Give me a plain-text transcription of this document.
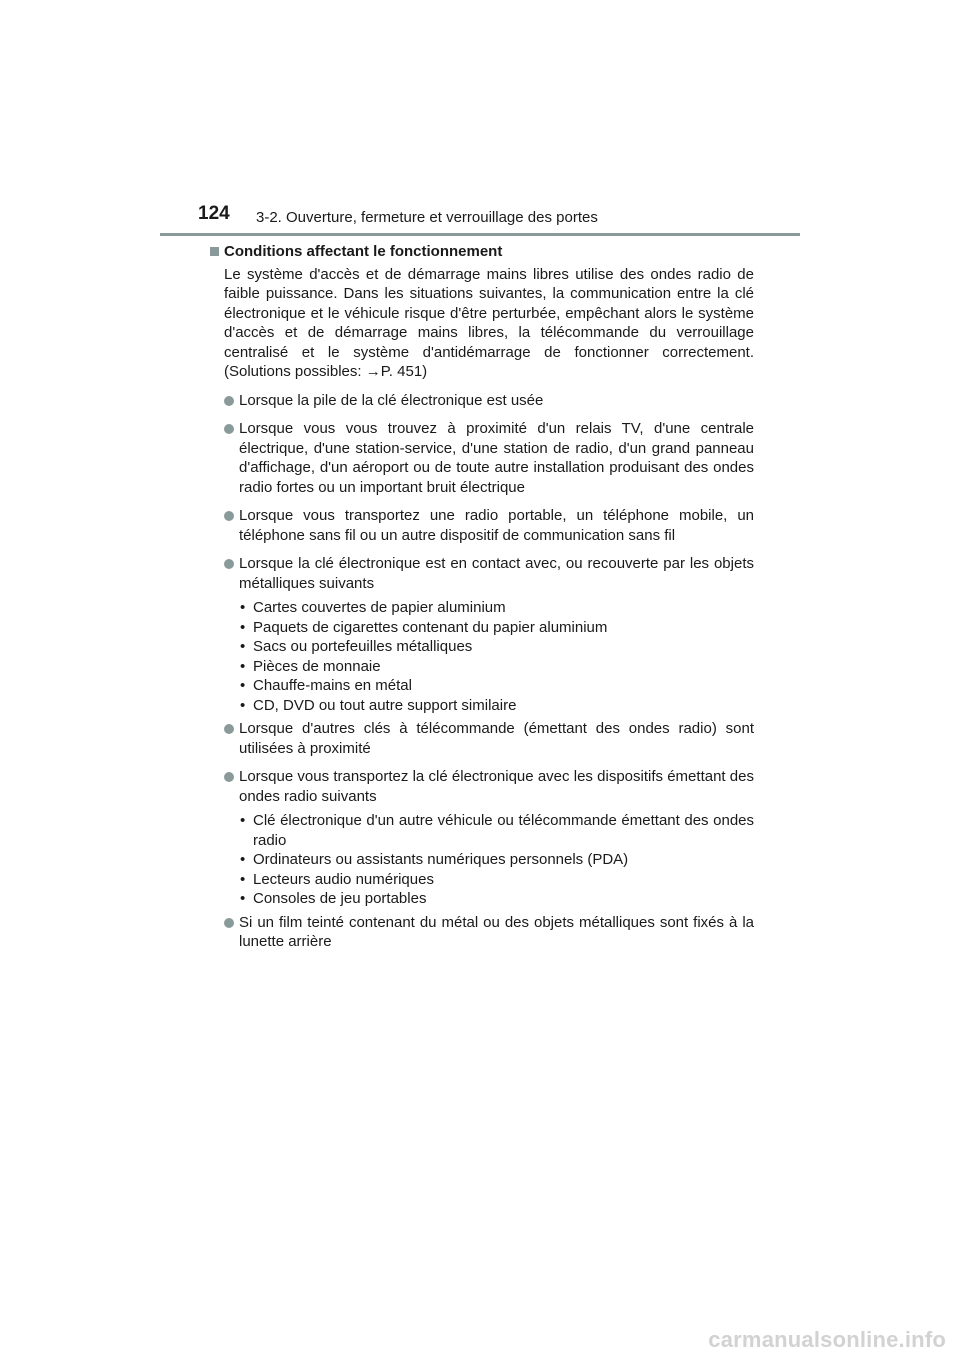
124 3-2. Ouverture, fermeture et verrouillage des portes
Conditions affectant le fonctionnement

Le système d'accès et de démarrage mains libres utilise des ondes radio de faible puissance. Dans les situations suivantes, la communication entre la clé électronique et le véhicule risque d'être perturbée, empêchant alors le système d'accès et de démarrage mains libres, la télécommande du verrouillage centralisé et le système d'antidémarrage de fonctionner correctement. (Solutions possibles: →P. 451)

Lorsque la pile de la clé électronique est usée
Lorsque vous vous trouvez à proximité d'un relais TV, d'une centrale électrique, d'une station-service, d'une station de radio, d'un grand panneau d'affichage, d'un aéroport ou de toute autre installation produisant des ondes radio fortes ou un important bruit électrique
Lorsque vous transportez une radio portable, un téléphone mobile, un téléphone sans fil ou un autre dispositif de communication sans fil
Lorsque la clé électronique est en contact avec, ou recouverte par les objets métalliques suivants
• Cartes couvertes de papier aluminium
• Paquets de cigarettes contenant du papier aluminium
• Sacs ou portefeuilles métalliques
• Pièces de monnaie
• Chauffe-mains en métal
• CD, DVD ou tout autre support similaire
Lorsque d'autres clés à télécommande (émettant des ondes radio) sont utilisées à proximité
Lorsque vous transportez la clé électronique avec les dispositifs émettant des ondes radio suivants
• Clé électronique d'un autre véhicule ou télécommande émettant des ondes radio
• Ordinateurs ou assistants numériques personnels (PDA)
• Lecteurs audio numériques
• Consoles de jeu portables
Si un film teinté contenant du métal ou des objets métalliques sont fixés à la lunette arrière
carmanualsonline.info
